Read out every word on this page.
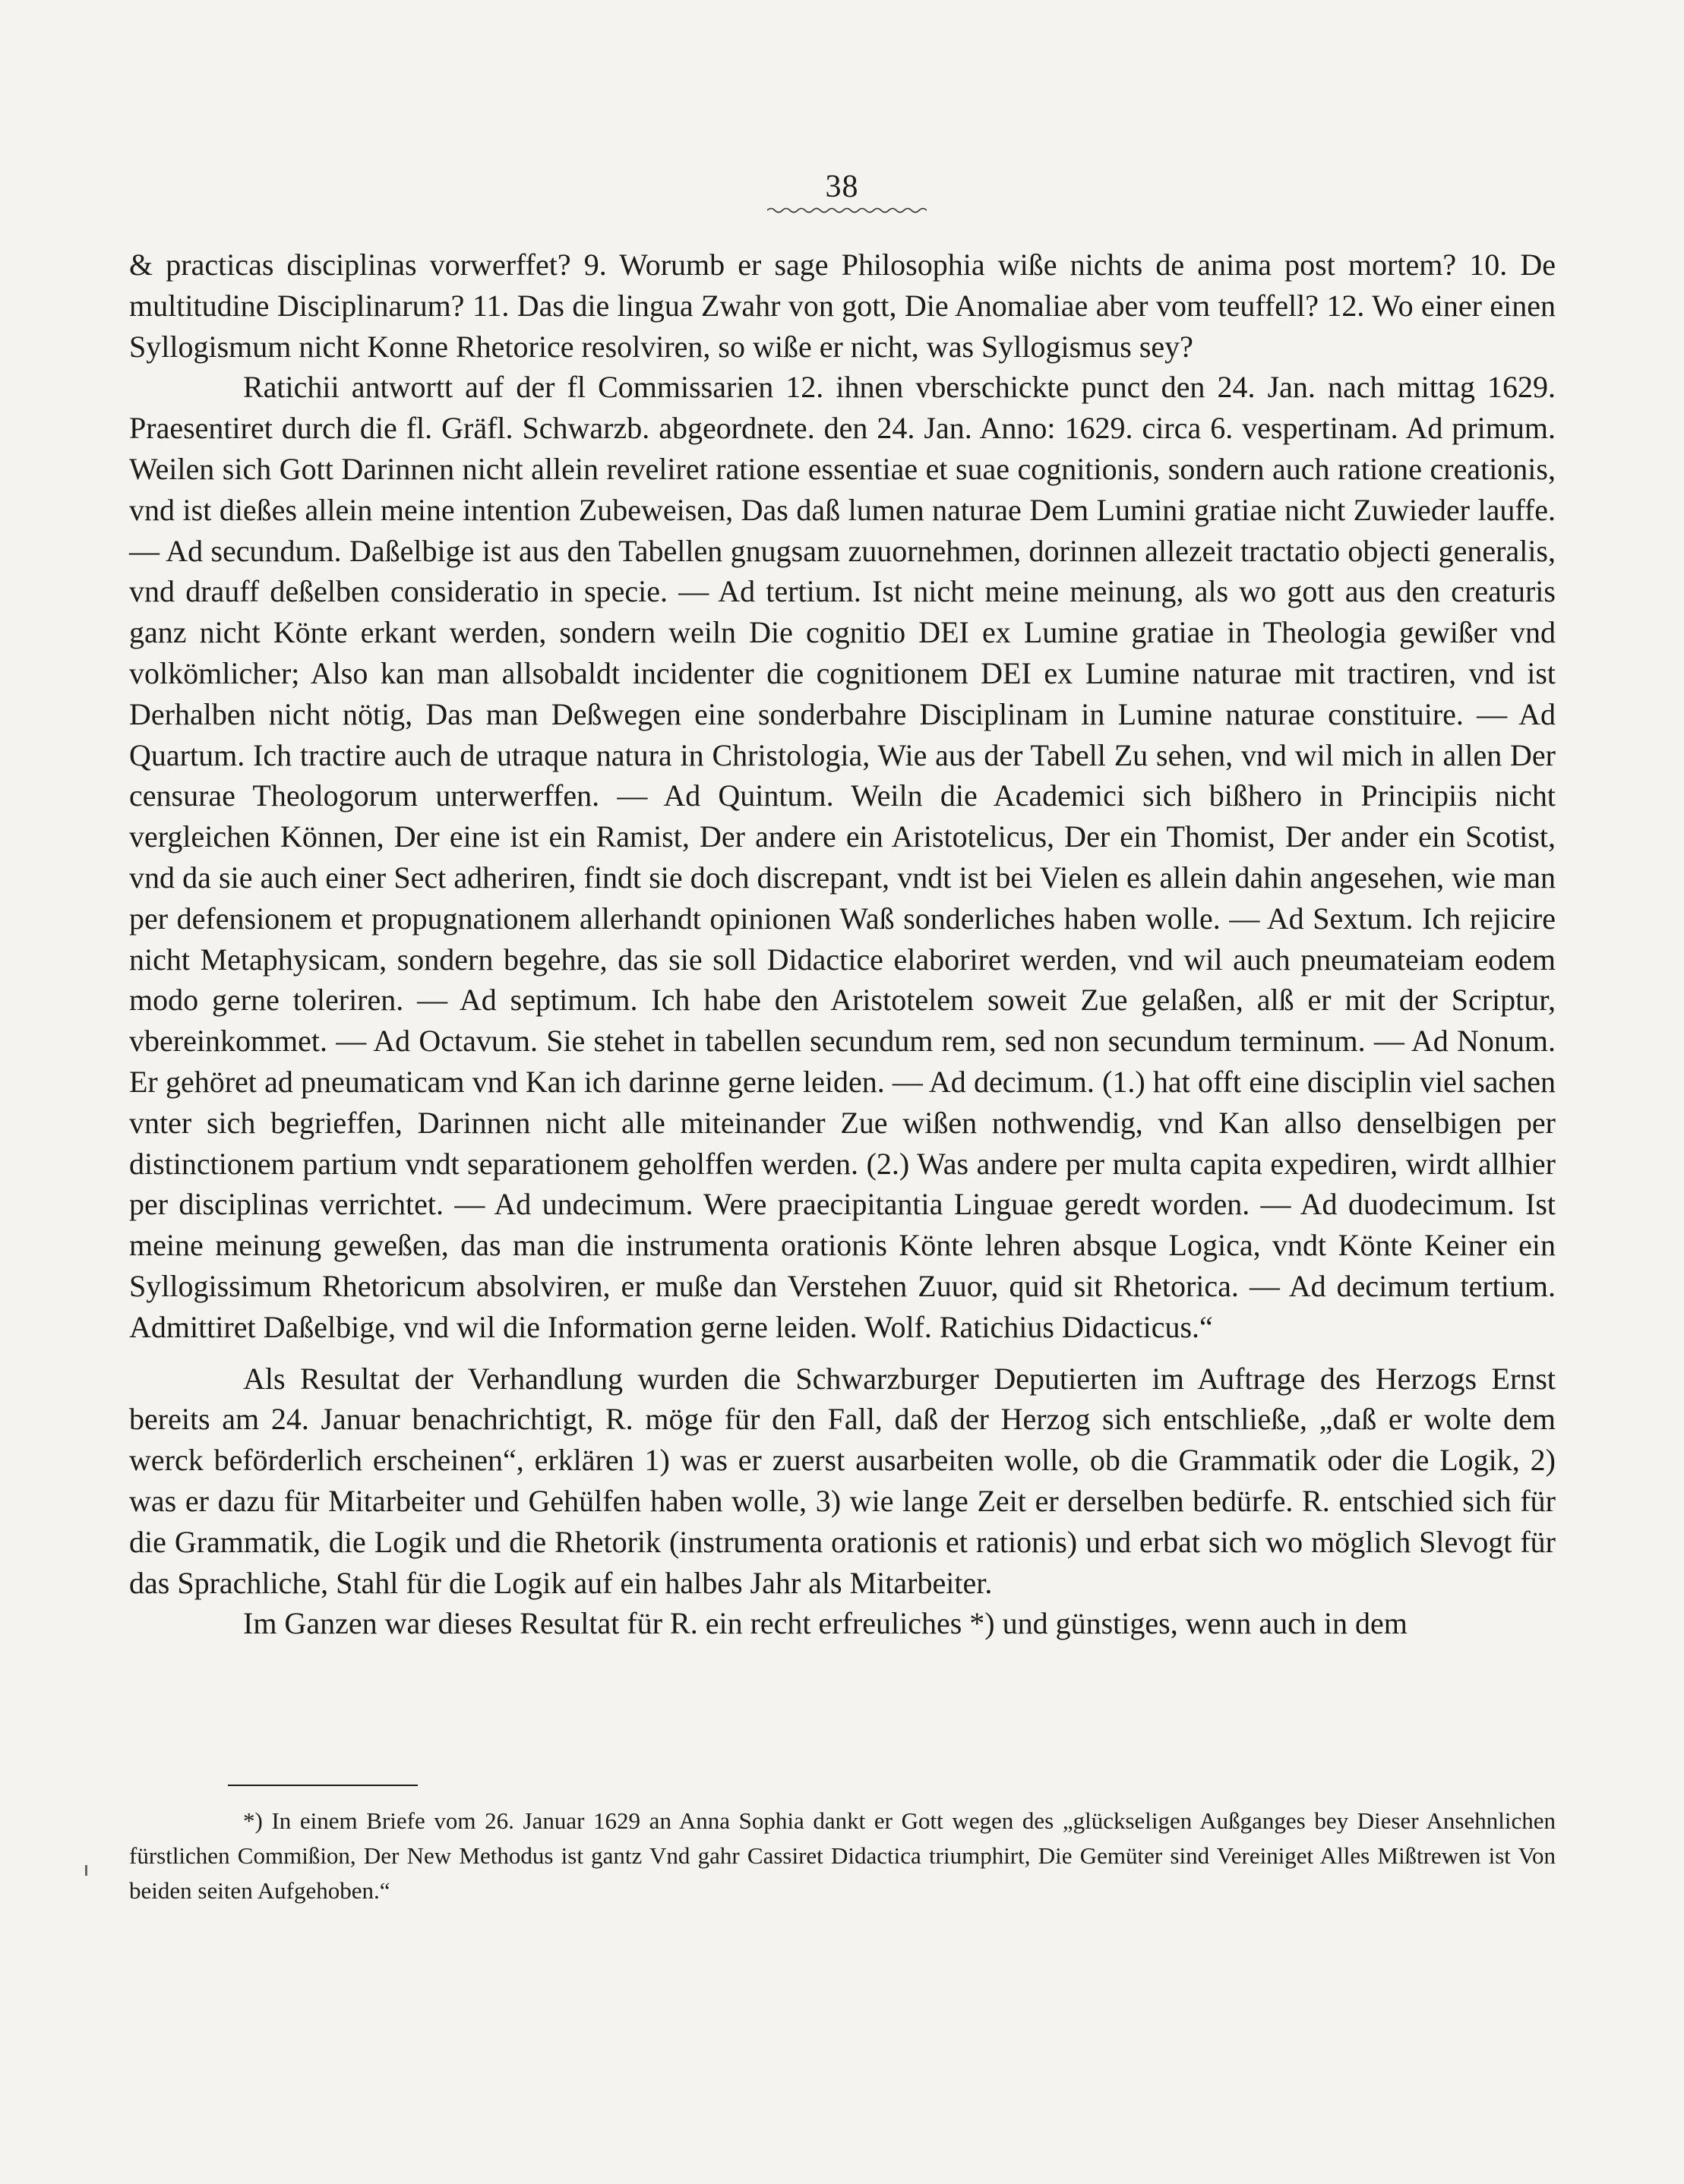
38

& practicas disciplinas vorwerffet? 9. Worumb er sage Philosophia wiße nichts de anima post mortem? 10. De multitudine Disciplinarum? 11. Das die lingua Zwahr von gott, Die Anomaliae aber vom teuffell? 12. Wo einer einen Syllogismum nicht Konne Rhetorice resolviren, so wiße er nicht, was Syllogismus sey?

Ratichii antwortt auf der fl Commissarien 12. ihnen vberschickte punct den 24. Jan. nach mittag 1629. Praesentiret durch die fl. Gräfl. Schwarzb. abgeordnete. den 24. Jan. Anno: 1629. circa 6. vespertinam. Ad primum. Weilen sich Gott Darinnen nicht allein reveliret ratione essentiae et suae cognitionis, sondern auch ratione creationis, vnd ist dießes allein meine intention Zubeweisen, Das daß lumen naturae Dem Lumini gratiae nicht Zuwieder lauffe. — Ad secundum. Daßelbige ist aus den Tabellen gnugsam zuuornehmen, dorinnen allezeit tractatio objecti generalis, vnd drauff deßelben consideratio in specie. — Ad tertium. Ist nicht meine meinung, als wo gott aus den creaturis ganz nicht Könte erkant werden, sondern weiln Die cognitio DEI ex Lumine gratiae in Theologia gewißer vnd volkömlicher; Also kan man allsobaldt incidenter die cognitionem DEI ex Lumine naturae mit tractiren, vnd ist Derhalben nicht nötig, Das man Deßwegen eine sonderbahre Disciplinam in Lumine naturae constituire. — Ad Quartum. Ich tractire auch de utraque natura in Christologia, Wie aus der Tabell Zu sehen, vnd wil mich in allen Der censurae Theologorum unterwerffen. — Ad Quintum. Weiln die Academici sich bißhero in Principiis nicht vergleichen Können, Der eine ist ein Ramist, Der andere ein Aristotelicus, Der ein Thomist, Der ander ein Scotist, vnd da sie auch einer Sect adheriren, findt sie doch discrepant, vndt ist bei Vielen es allein dahin angesehen, wie man per defensionem et propugnationem allerhandt opinionen Waß sonderliches haben wolle. — Ad Sextum. Ich rejicire nicht Metaphysicam, sondern begehre, das sie soll Didactice elaboriret werden, vnd wil auch pneumateiam eodem modo gerne toleriren. — Ad septimum. Ich habe den Aristotelem soweit Zue gelaßen, alß er mit der Scriptur, vbereinkommet. — Ad Octavum. Sie stehet in tabellen secundum rem, sed non secundum terminum. — Ad Nonum. Er gehöret ad pneumaticam vnd Kan ich darinne gerne leiden. — Ad decimum. (1.) hat offt eine disciplin viel sachen vnter sich begrieffen, Darinnen nicht alle miteinander Zue wißen nothwendig, vnd Kan allso denselbigen per distinctionem partium vndt separationem geholffen werden. (2.) Was andere per multa capita expediren, wirdt allhier per disciplinas verrichtet. — Ad undecimum. Were praecipitantia Linguae geredt worden. — Ad duodecimum. Ist meine meinung geweßen, das man die instrumenta orationis Könte lehren absque Logica, vndt Könte Keiner ein Syllogissimum Rhetoricum absolviren, er muße dan Verstehen Zuuor, quid sit Rhetorica. — Ad decimum tertium. Admittiret Daßelbige, vnd wil die Information gerne leiden. Wolf. Ratichius Didacticus.“

Als Resultat der Verhandlung wurden die Schwarzburger Deputierten im Auftrage des Herzogs Ernst bereits am 24. Januar benachrichtigt, R. möge für den Fall, daß der Herzog sich entschließe, „daß er wolte dem werck beförderlich erscheinen“, erklären 1) was er zuerst ausarbeiten wolle, ob die Grammatik oder die Logik, 2) was er dazu für Mitarbeiter und Gehülfen haben wolle, 3) wie lange Zeit er derselben bedürfe. R. entschied sich für die Grammatik, die Logik und die Rhetorik (instrumenta orationis et rationis) und erbat sich wo möglich Slevogt für das Sprachliche, Stahl für die Logik auf ein halbes Jahr als Mitarbeiter.

Im Ganzen war dieses Resultat für R. ein recht erfreuliches *) und günstiges, wenn auch in dem

*) In einem Briefe vom 26. Januar 1629 an Anna Sophia dankt er Gott wegen des „glückseligen Außganges bey Dieser Ansehnlichen fürstlichen Commißion, Der New Methodus ist gantz Vnd gahr Cassiret Didactica triumphirt, Die Gemüter sind Vereiniget Alles Mißtrewen ist Von beiden seiten Aufgehoben.“
